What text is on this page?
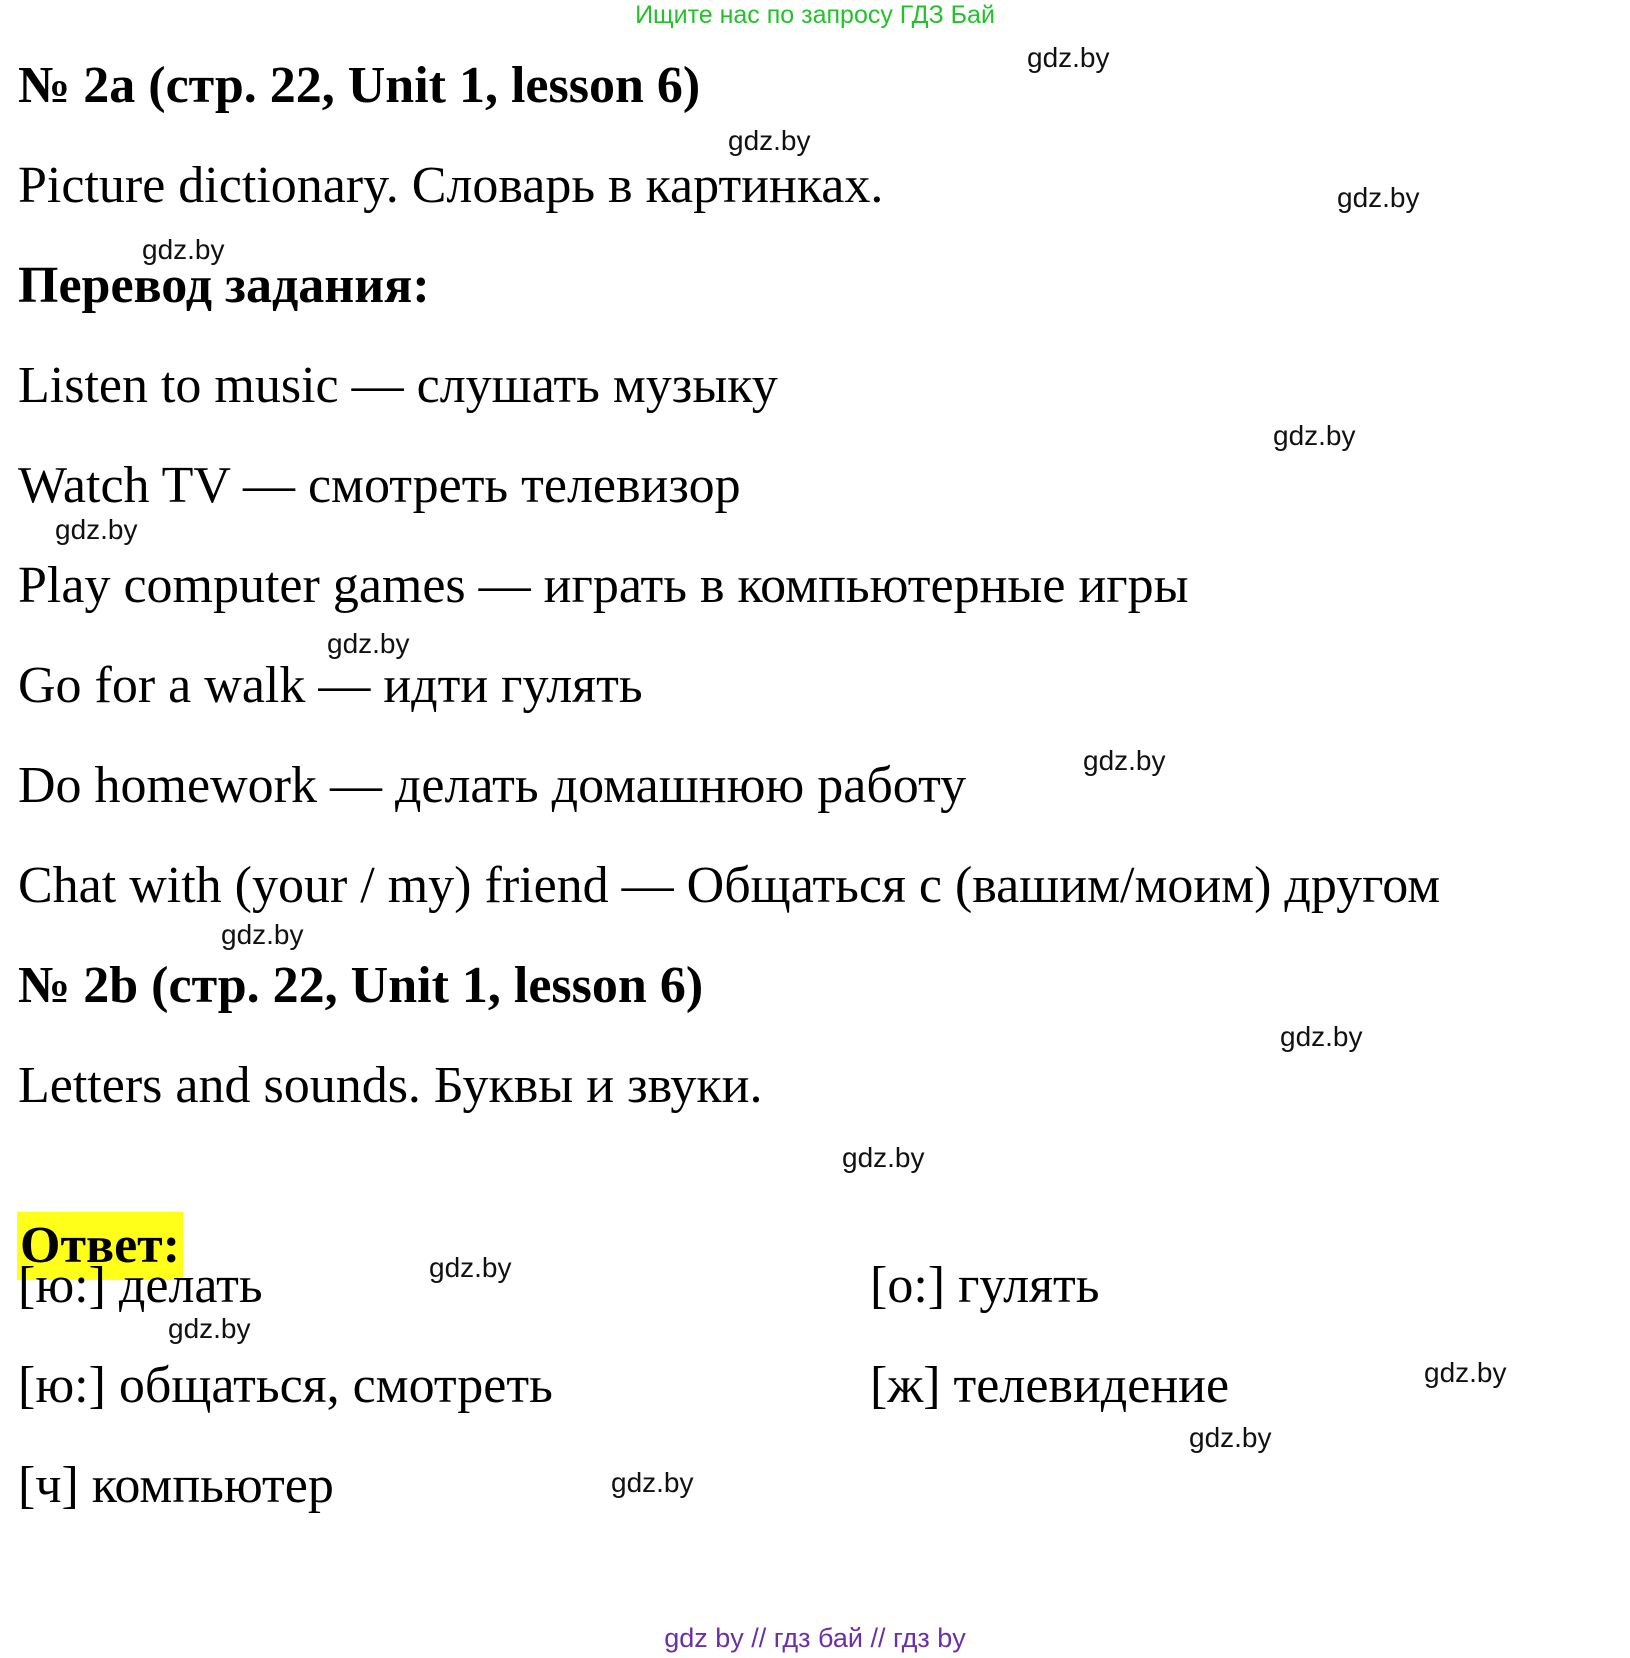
Ищите нас по запросу ГДЗ Бай
№ 2a (стр. 22, Unit 1, lesson 6)
Picture dictionary. Словарь в картинках.
Перевод задания:
Listen to music — слушать музыку
Watch TV — смотреть телевизор
Play computer games — играть в компьютерные игры
Go for a walk — идти гулять
Do homework — делать домашнюю работу
Chat with (your / my) friend — Общаться с (вашим/моим) другом
№ 2b (стр. 22, Unit 1, lesson 6)
Letters and sounds. Буквы и звуки.
Ответ:
[ю:] делать
[ю:] общаться, смотреть
[ч] компьютер
[o:] гулять
[ж] телевидение
gdz.by
gdz.by
gdz.by
gdz.by
gdz.by
gdz.by
gdz.by
gdz.by
gdz.by
gdz.by
gdz.by
gdz.by
gdz.by
gdz.by
gdz.by
gdz.by
gdz by // гдз бай // гдз by
